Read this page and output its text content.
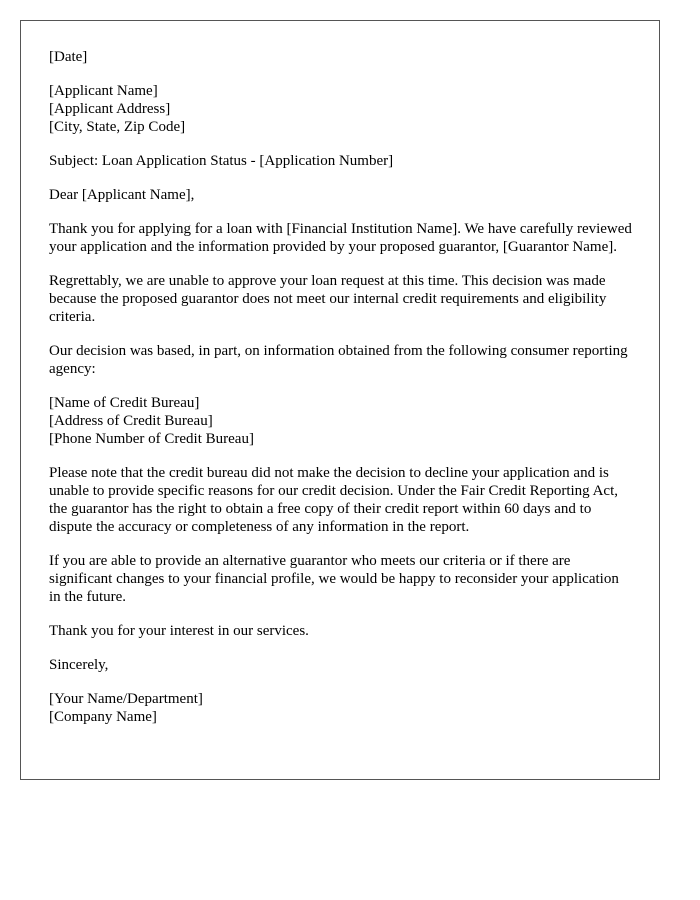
[Date]

[Applicant Name]
[Applicant Address]
[City, State, Zip Code]

Subject: Loan Application Status - [Application Number]

Dear [Applicant Name],

Thank you for applying for a loan with [Financial Institution Name]. We have carefully reviewed your application and the information provided by your proposed guarantor, [Guarantor Name].

Regrettably, we are unable to approve your loan request at this time. This decision was made because the proposed guarantor does not meet our internal credit requirements and eligibility criteria.

Our decision was based, in part, on information obtained from the following consumer reporting agency:

[Name of Credit Bureau]
[Address of Credit Bureau]
[Phone Number of Credit Bureau]

Please note that the credit bureau did not make the decision to decline your application and is unable to provide specific reasons for our credit decision. Under the Fair Credit Reporting Act, the guarantor has the right to obtain a free copy of their credit report within 60 days and to dispute the accuracy or completeness of any information in the report.

If you are able to provide an alternative guarantor who meets our criteria or if there are significant changes to your financial profile, we would be happy to reconsider your application in the future.

Thank you for your interest in our services.

Sincerely,

[Your Name/Department]
[Company Name]
